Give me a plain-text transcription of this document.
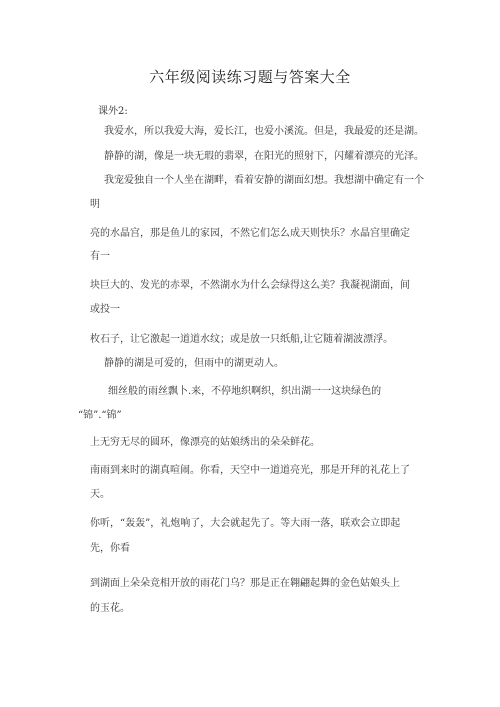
六年级阅读练习题与答案大全
课外2:
我爱水，所以我爱大海，爱长江，也爱小溪流。但是，我最爱的还是湖。
静静的湖，像是一块无瑕的翡翠，在阳光的照射下，闪耀着漂亮的光泽。
我宠爱独自一个人坐在湖畔，看着安静的湖面幻想。我想湖中确定有一个
明
亮的水晶宫，那是鱼儿的家园，不然它们怎么成天则快乐？水晶宫里确定
有一
块巨大的、发光的赤翠，不然湖水为什么会绿得这么美？我凝视湖面，间
或投一
枚石子，让它激起一道道水纹；或是放一只纸船,让它随着湖波漂浮。
静静的湖是可爱的，但雨中的湖更动人。
细丝般的雨丝飘卜.来，不停地织啊织，织出湖一一这块绿色的
“锦”.“锦”
上无穷无尽的圆环，像漂亮的姑娘绣出的朵朵鲜花。
南雨到来时的湖真喧闹。你看，天空中一道道亮光，那是开拜的礼花上了
天。
你听，“轰轰”，礼炮响了，大会就起先了。等大雨一落，联欢会立即起
先，你看
到湖面上朵朵竞相开放的雨花门乌？那是正在翱翩起舞的金色姑娘头上
的玉花。
